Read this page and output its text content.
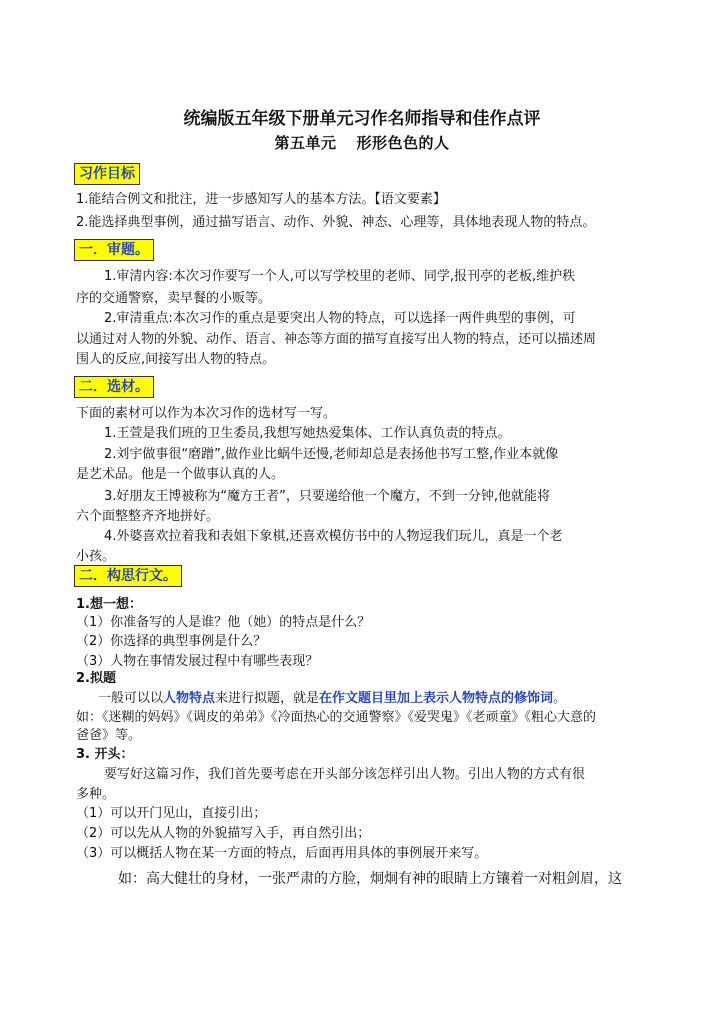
统编版五年级下册单元习作名师指导和佳作点评
第五单元 形形色色的人
习作目标
1.能结合例文和批注，进一步感知写人的基本方法。【语文要素】
2.能选择典型事例，通过描写语言、动作、外貌、神态、心理等，具体地表现人物的特点。
一．审题。
1.审清内容:本次习作要写一个人,可以写学校里的老师、同学,报刊亭的老板,维护秩
序的交通警察，卖早餐的小贩等。
2.审清重点:本次习作的重点是要突出人物的特点，可以选择一两件典型的事例，可
以通过对人物的外貌、动作、语言、神态等方面的描写直接写出人物的特点，还可以描述周
围人的反应,间接写出人物的特点。
二．选材。
下面的素材可以作为本次习作的选材写一写。
1.王萱是我们班的卫生委员,我想写她热爱集体、工作认真负责的特点。
2.刘宇做事很“磨蹭”,做作业比蜗牛还慢,老师却总是表扬他书写工整,作业本就像
是艺术品。他是一个做事认真的人。
3.好朋友王博被称为“魔方王者”，只要递给他一个魔方，不到一分钟,他就能将
六个面整整齐齐地拼好。
4.外婆喜欢拉着我和表姐下象棋,还喜欢模仿书中的人物逗我们玩儿，真是一个老
小孩。
二．构思行文。
1.想一想：
（1）你准备写的人是谁？他（她）的特点是什么？
（2）你选择的典型事例是什么？
（3）人物在事情发展过程中有哪些表现？
2.拟题
一般可以以人物特点来进行拟题，就是在作文题目里加上表示人物特点的修饰词。
如：《迷糊的妈妈》《调皮的弟弟》《冷面热心的交通警察》《爱哭鬼》《老顽童》《粗心大意的
爸爸》等。
3. 开头：
要写好这篇习作，我们首先要考虑在开头部分该怎样引出人物。引出人物的方式有很
多种。
（1）可以开门见山，直接引出；
（2）可以先从人物的外貌描写入手，再自然引出；
（3）可以概括人物在某一方面的特点，后面再用具体的事例展开来写。
如：高大健壮的身材，一张严肃的方脸，炯炯有神的眼睛上方镶着一对粗剑眉，这
